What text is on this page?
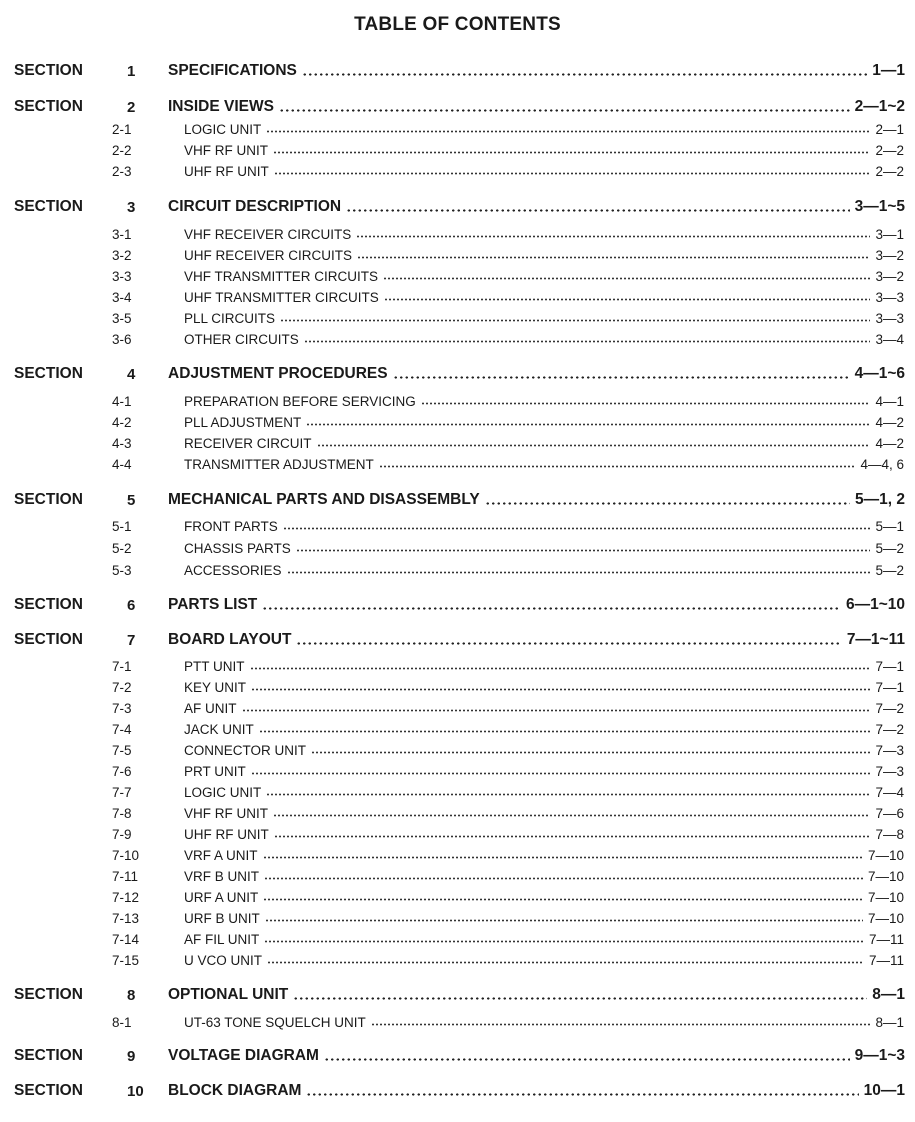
TABLE OF CONTENTS
SECTION	1 SPECIFICATIONS	1—1
SECTION	2 INSIDE VIEWS	2—1~2
2-1	LOGIC UNIT	2—1
2-2	VHF RF UNIT	2—2
2-3	UHF RF UNIT	2—2
SECTION	3 CIRCUIT DESCRIPTION	3—1~5
3-1	VHF RECEIVER CIRCUITS	3—1
3-2	UHF RECEIVER CIRCUITS	3—2
3-3	VHF TRANSMITTER CIRCUITS	3—2
3-4	UHF TRANSMITTER CIRCUITS	3—3
3-5	PLL CIRCUITS	3—3
3-6	OTHER CIRCUITS	3—4
SECTION	4 ADJUSTMENT PROCEDURES	4—1~6
4-1	PREPARATION BEFORE SERVICING	4—1
4-2	PLL ADJUSTMENT	4—2
4-3	RECEIVER CIRCUIT	4—2
4-4	TRANSMITTER ADJUSTMENT	4—4, 6
SECTION	5 MECHANICAL PARTS AND DISASSEMBLY	5—1, 2
5-1	FRONT PARTS	5—1
5-2	CHASSIS PARTS	5—2
5-3	ACCESSORIES	5—2
SECTION	6 PARTS LIST	6—1~10
SECTION	7 BOARD LAYOUT	7—1~11
7-1	PTT UNIT	7—1
7-2	KEY UNIT	7—1
7-3	AF UNIT	7—2
7-4	JACK UNIT	7—2
7-5	CONNECTOR UNIT	7—3
7-6	PRT UNIT	7—3
7-7	LOGIC UNIT	7—4
7-8	VHF RF UNIT	7—6
7-9	UHF RF UNIT	7—8
7-10	VRF A UNIT	7—10
7-11	VRF B UNIT	7—10
7-12	URF A UNIT	7—10
7-13	URF B UNIT	7—10
7-14	AF FIL UNIT	7—11
7-15	U VCO UNIT	7—11
SECTION	8 OPTIONAL UNIT	8—1
8-1	UT-63 TONE SQUELCH UNIT	8—1
SECTION	9 VOLTAGE DIAGRAM	9—1~3
SECTION	10 BLOCK DIAGRAM	10—1
